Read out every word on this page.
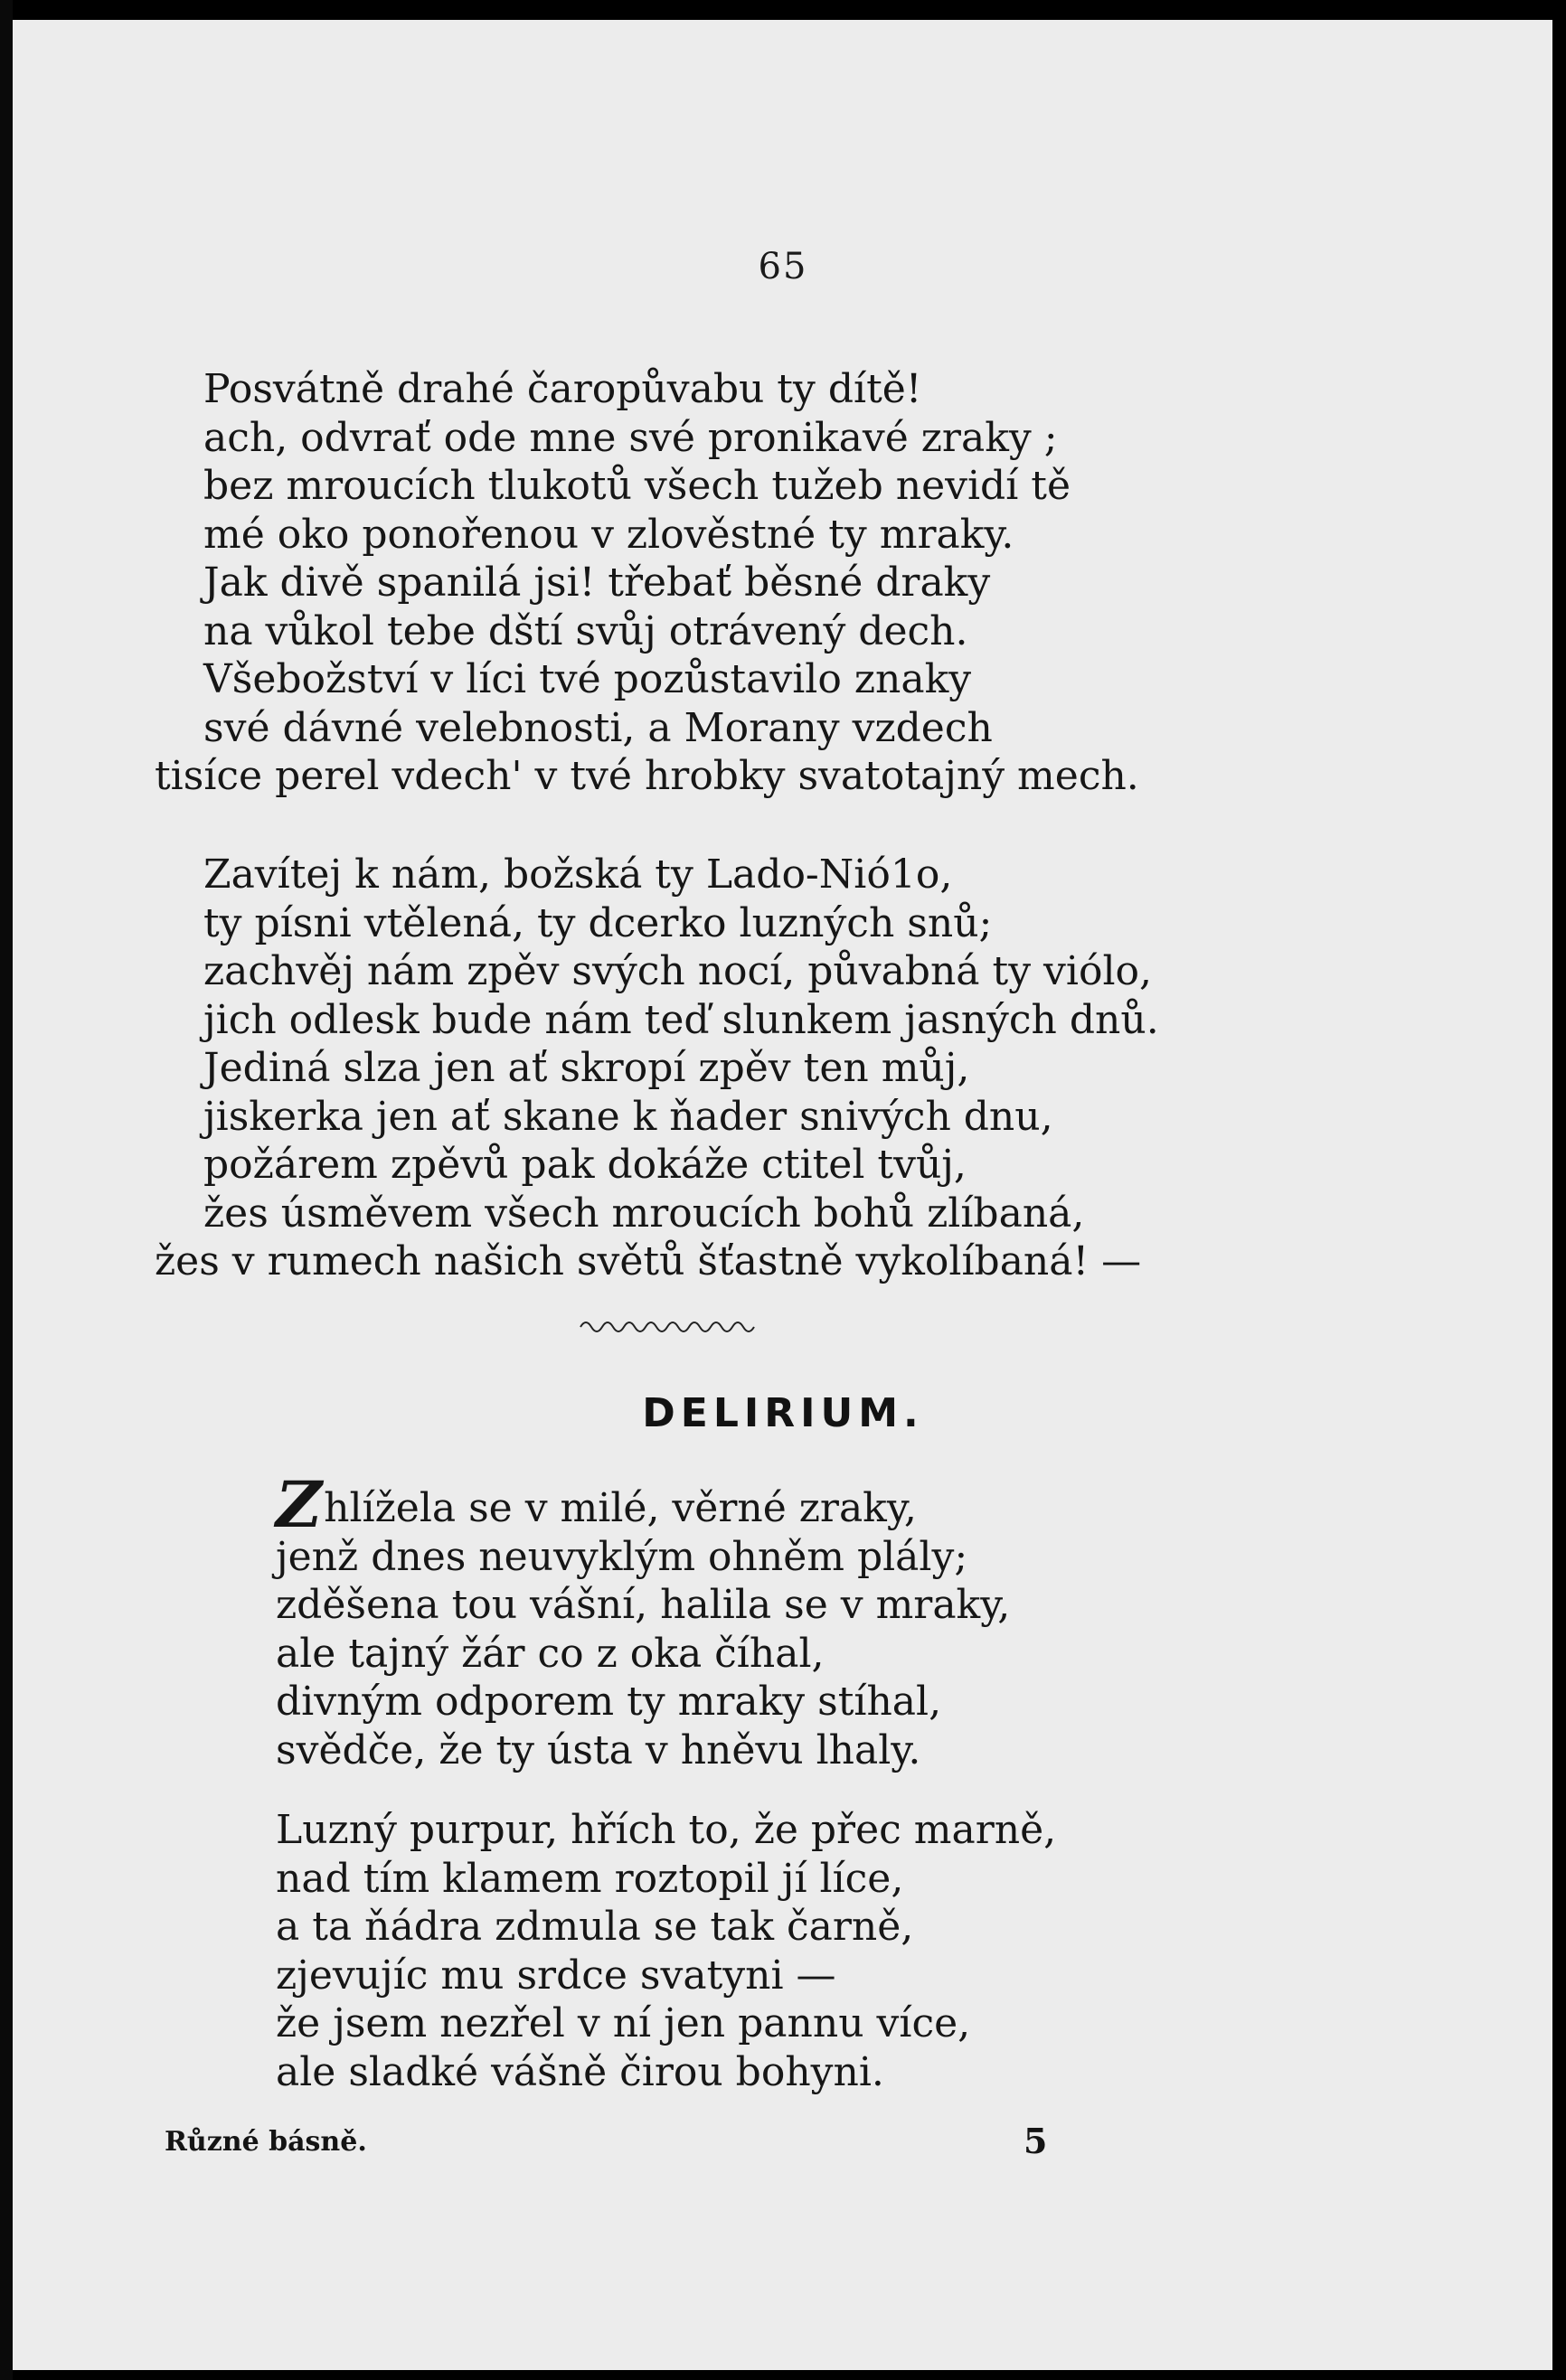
65
Posvátně drahé čaropůvabu ty dítě!
ach, odvrať ode mne své pronikavé zraky ;
bez mroucích tlukotů všech tužeb nevidí tě
mé oko ponořenou v zlověstné ty mraky.
Jak divě spanilá jsi! třebať běsné draky
na vůkol tebe dští svůj otrávený dech.
Všebožství v líci tvé pozůstavilo znaky
své dávné velebnosti, a Morany vzdech
tisíce perel vdech' v tvé hrobky svatotajný mech.
Zavítej k nám, božská ty Lado-Nió1o,
ty písni vtělená, ty dcerko luzných snů;
zachvěj nám zpěv svých nocí, půvabná ty viólo,
jich odlesk bude nám teď slunkem jasných dnů.
Jediná slza jen ať skropí zpěv ten můj,
jiskerka jen ať skane k ňader snivých dnu,
požárem zpěvů pak dokáže ctitel tvůj,
žes úsměvem všech mroucích bohů zlíbaná,
žes v rumech našich světů šťastně vykolíbaná! —
DELIRIUM.
Zhlížela se v milé, věrné zraky,
jenž dnes neuvyklým ohněm plály;
zděšena tou vášní, halila se v mraky,
ale tajný žár co z oka číhal,
divným odporem ty mraky stíhal,
svědče, že ty ústa v hněvu lhaly.
Luzný purpur, hřích to, že přec marně,
nad tím klamem roztopil jí líce,
a ta ňádra zdmula se tak čarně,
zjevujíc mu srdce svatyni —
že jsem nezřel v ní jen pannu více,
ale sladké vášně čirou bohyni.
Různé básně.	5
